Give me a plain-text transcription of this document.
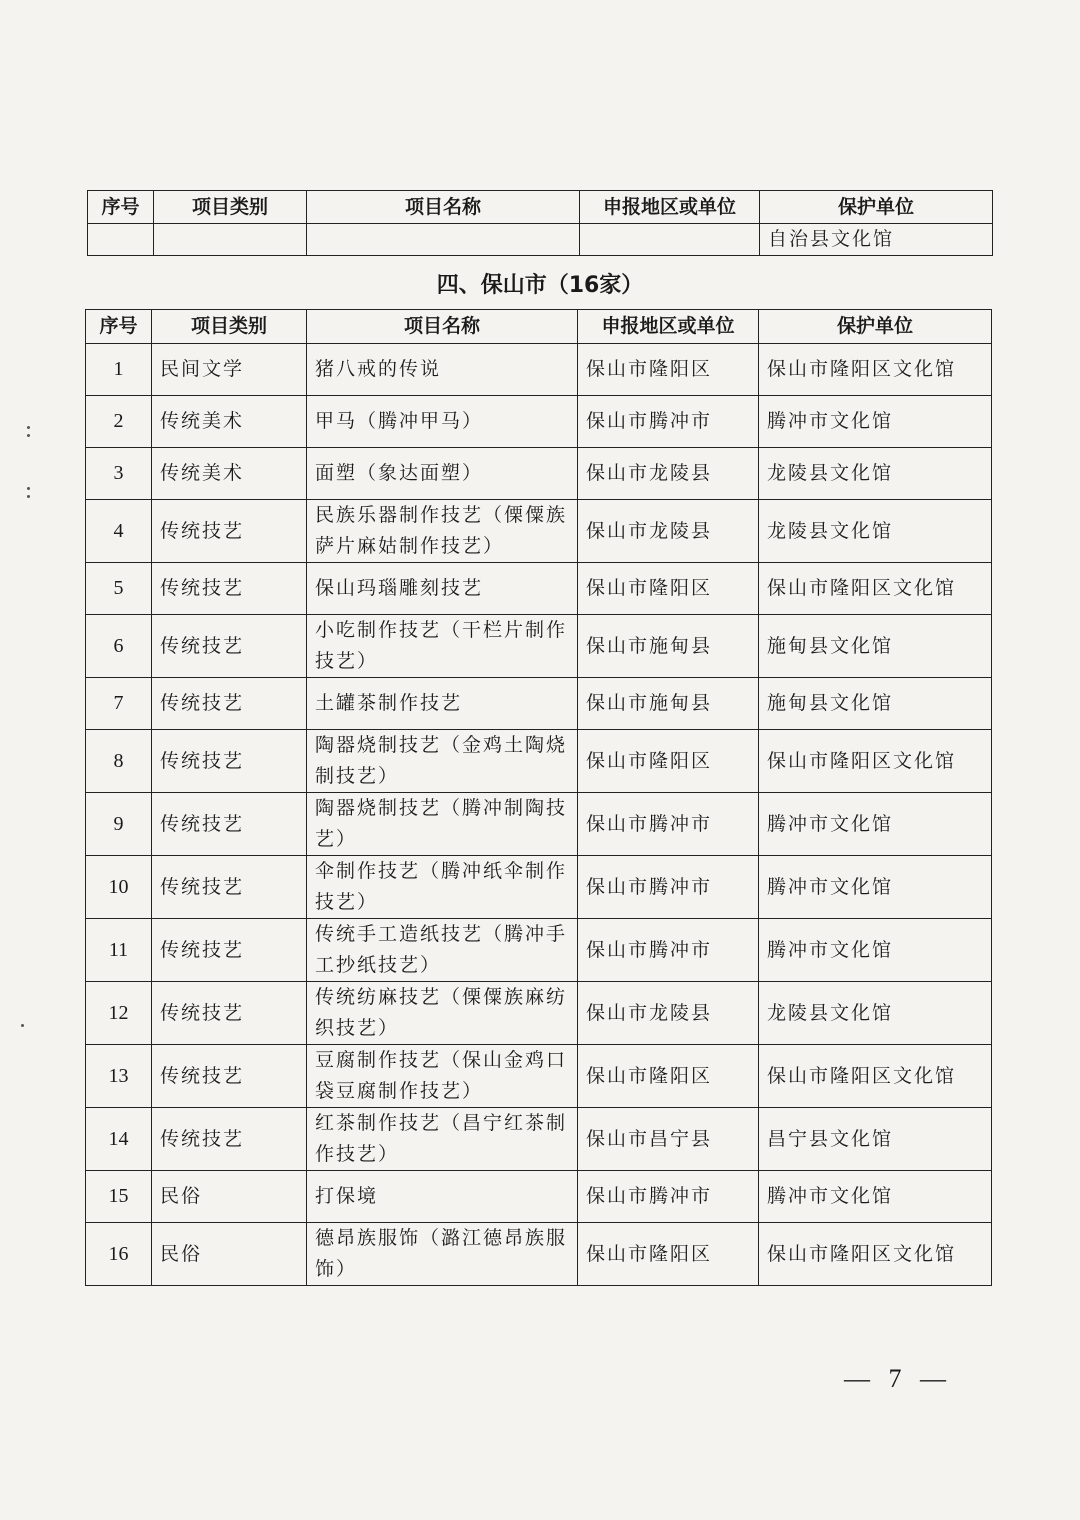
序号	项目类别	项目名称	申报地区或单位	保护单位
				自治县文化馆
四、保山市（16家）
序号	项目类别	项目名称	申报地区或单位	保护单位
1	民间文学	猪八戒的传说	保山市隆阳区	保山市隆阳区文化馆
2	传统美术	甲马（腾冲甲马）	保山市腾冲市	腾冲市文化馆
3	传统美术	面塑（象达面塑）	保山市龙陵县	龙陵县文化馆
4	传统技艺	民族乐器制作技艺（傈僳族萨片麻姑制作技艺）	保山市龙陵县	龙陵县文化馆
5	传统技艺	保山玛瑙雕刻技艺	保山市隆阳区	保山市隆阳区文化馆
6	传统技艺	小吃制作技艺（干栏片制作技艺）	保山市施甸县	施甸县文化馆
7	传统技艺	土罐茶制作技艺	保山市施甸县	施甸县文化馆
8	传统技艺	陶器烧制技艺（金鸡土陶烧制技艺）	保山市隆阳区	保山市隆阳区文化馆
9	传统技艺	陶器烧制技艺（腾冲制陶技艺）	保山市腾冲市	腾冲市文化馆
10	传统技艺	伞制作技艺（腾冲纸伞制作技艺）	保山市腾冲市	腾冲市文化馆
11	传统技艺	传统手工造纸技艺（腾冲手工抄纸技艺）	保山市腾冲市	腾冲市文化馆
12	传统技艺	传统纺麻技艺（傈僳族麻纺织技艺）	保山市龙陵县	龙陵县文化馆
13	传统技艺	豆腐制作技艺（保山金鸡口袋豆腐制作技艺）	保山市隆阳区	保山市隆阳区文化馆
14	传统技艺	红茶制作技艺（昌宁红茶制作技艺）	保山市昌宁县	昌宁县文化馆
15	民俗	打保境	保山市腾冲市	腾冲市文化馆
16	民俗	德昂族服饰（潞江德昂族服饰）	保山市隆阳区	保山市隆阳区文化馆
— 7 —
